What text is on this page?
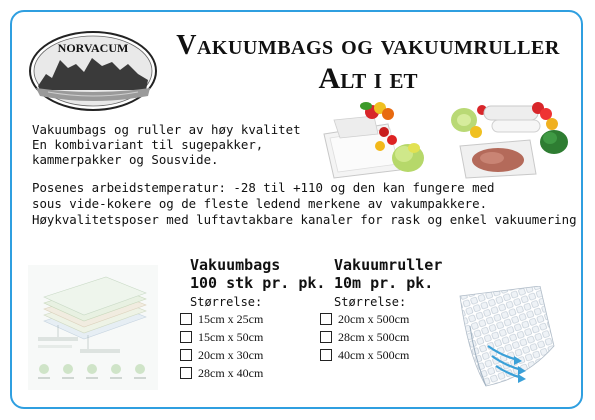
NORVACUM	Vakuumbags og vakuumruller
Alt i et
Vakuumbags og ruller av høy kvalitet
En kombivariant til sugepakker,
kammerpakker og Sousvide.
Posenes arbeidstemperatur: -28 til +110 og den kan fungere med
sous vide-kokere og de fleste ledend merkene av vakumpakkere.
Høykvalitetsposer med luftavtakbare kanaler for rask og enkel vakuumering
Vakuumbags
100 stk pr. pk.
Størrelse:
15cm x 25cm
15cm x 50cm
20cm x 30cm
28cm x 40cm
Vakuumruller
10m pr. pk.
Størrelse:
20cm x 500cm
28cm x 500cm
40cm x 500cm
